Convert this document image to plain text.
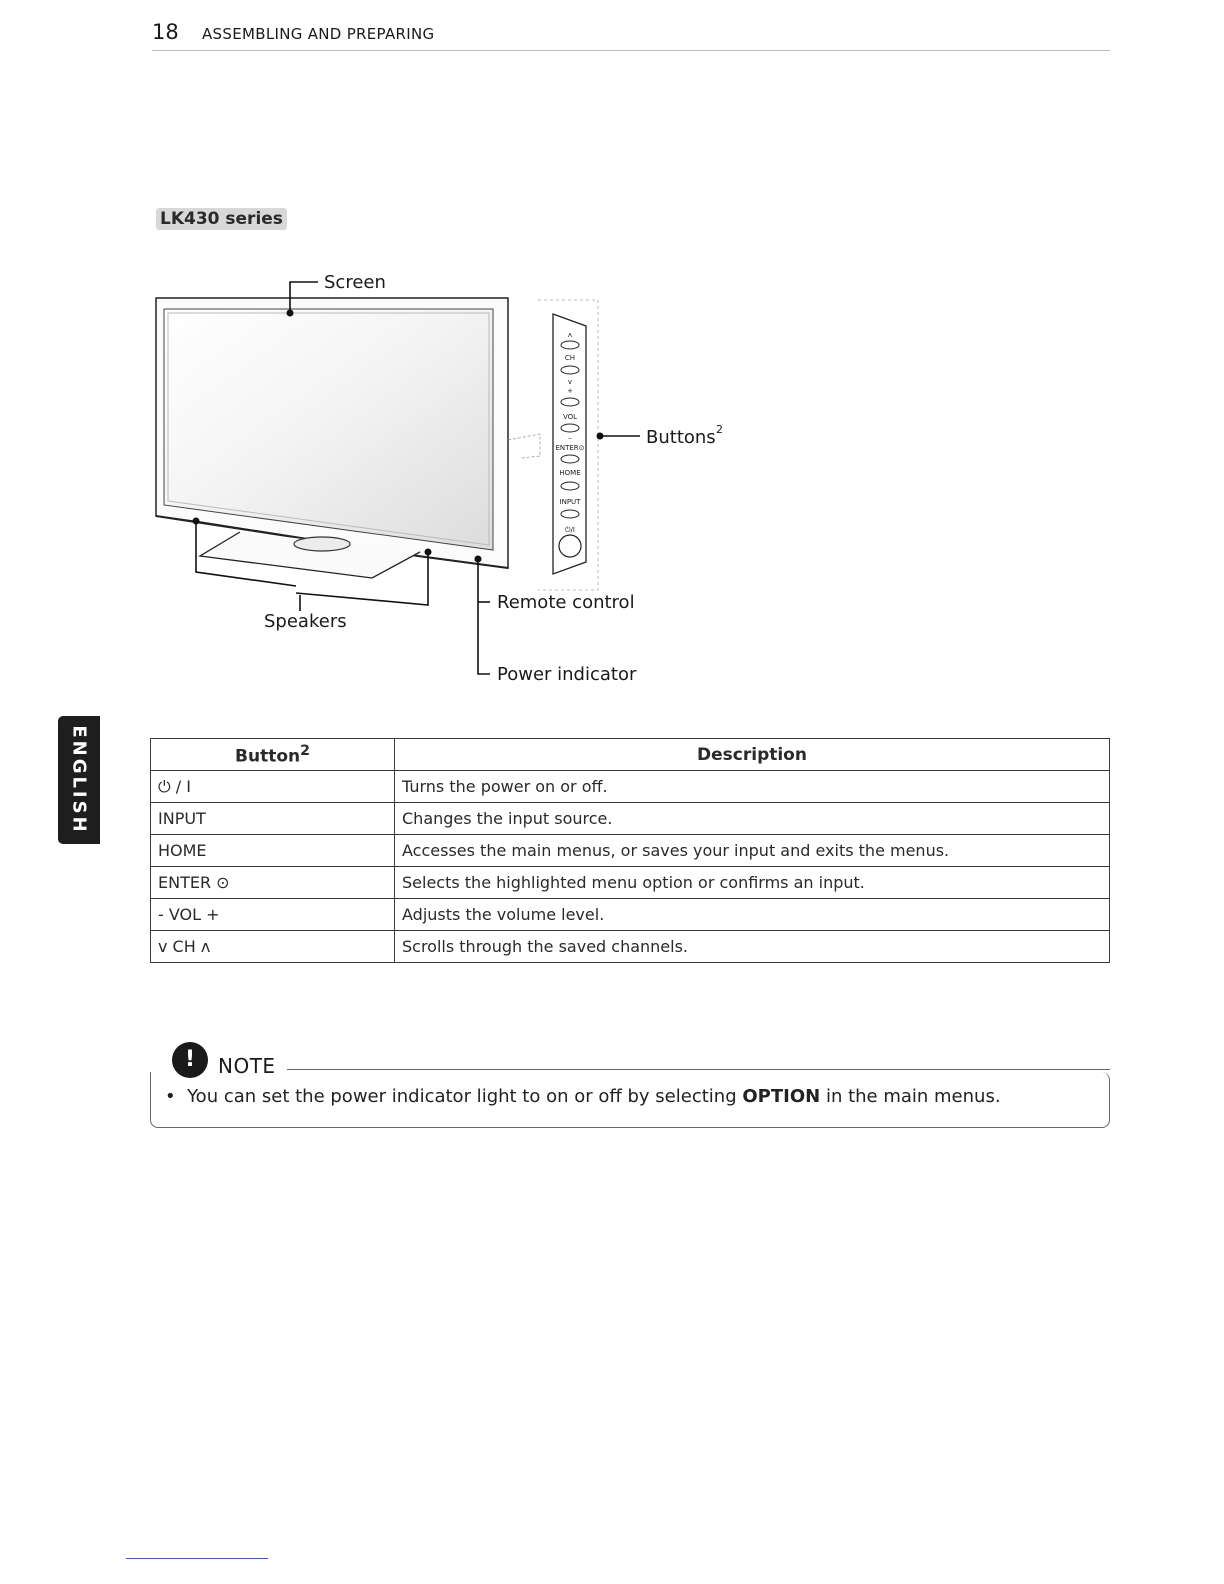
18 ASSEMBLING AND PREPARING
LK430 series
ENGLISH
ʌ
CH
v
+
VOL
–
ENTER⊙
HOME
INPUT
⏻/I
Screen
Buttons 2
Speakers
Remote control
Power indicator
Button$^2$	Description
⏻ / I	Turns the power on or off.
INPUT	Changes the input source.
HOME	Accesses the main menus, or saves your input and exits the menus.
ENTER ⊙	Selects the highlighted menu option or confirms an input.
- VOL +	Adjusts the volume level.
v CH ʌ	Scrolls through the saved channels.
• You can set the power indicator light to on or off by selecting OPTION in the main menus.
!	NOTE
